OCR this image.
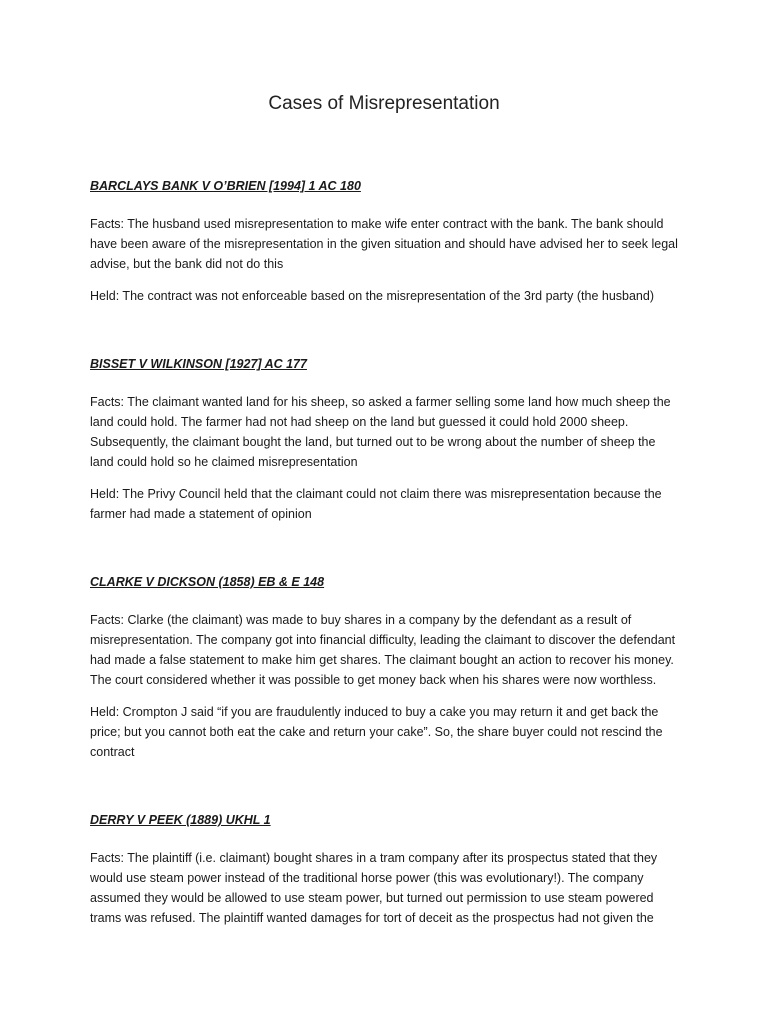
Cases of Misrepresentation

BARCLAYS BANK V O’BRIEN [1994] 1 AC 180

Facts: The husband used misrepresentation to make wife enter contract with the bank. The bank should have been aware of the misrepresentation in the given situation and should have advised her to seek legal advise, but the bank did not do this

Held: The contract was not enforceable based on the misrepresentation of the 3rd party (the husband)

BISSET V WILKINSON [1927] AC 177

Facts: The claimant wanted land for his sheep, so asked a farmer selling some land how much sheep the land could hold. The farmer had not had sheep on the land but guessed it could hold 2000 sheep. Subsequently, the claimant bought the land, but turned out to be wrong about the number of sheep the land could hold so he claimed misrepresentation

Held: The Privy Council held that the claimant could not claim there was misrepresentation because the farmer had made a statement of opinion

CLARKE V DICKSON (1858) EB & E 148

Facts: Clarke (the claimant) was made to buy shares in a company by the defendant as a result of misrepresentation. The company got into financial difficulty, leading the claimant to discover the defendant had made a false statement to make him get shares. The claimant bought an action to recover his money. The court considered whether it was possible to get money back when his shares were now worthless.

Held: Crompton J said “if you are fraudulently induced to buy a cake you may return it and get back the price; but you cannot both eat the cake and return your cake”. So, the share buyer could not rescind the contract

DERRY V PEEK (1889) UKHL 1

Facts: The plaintiff (i.e. claimant) bought shares in a tram company after its prospectus stated that they would use steam power instead of the traditional horse power (this was evolutionary!). The company assumed they would be allowed to use steam power, but turned out permission to use steam powered trams was refused. The plaintiff wanted damages for tort of deceit as the prospectus had not given the
